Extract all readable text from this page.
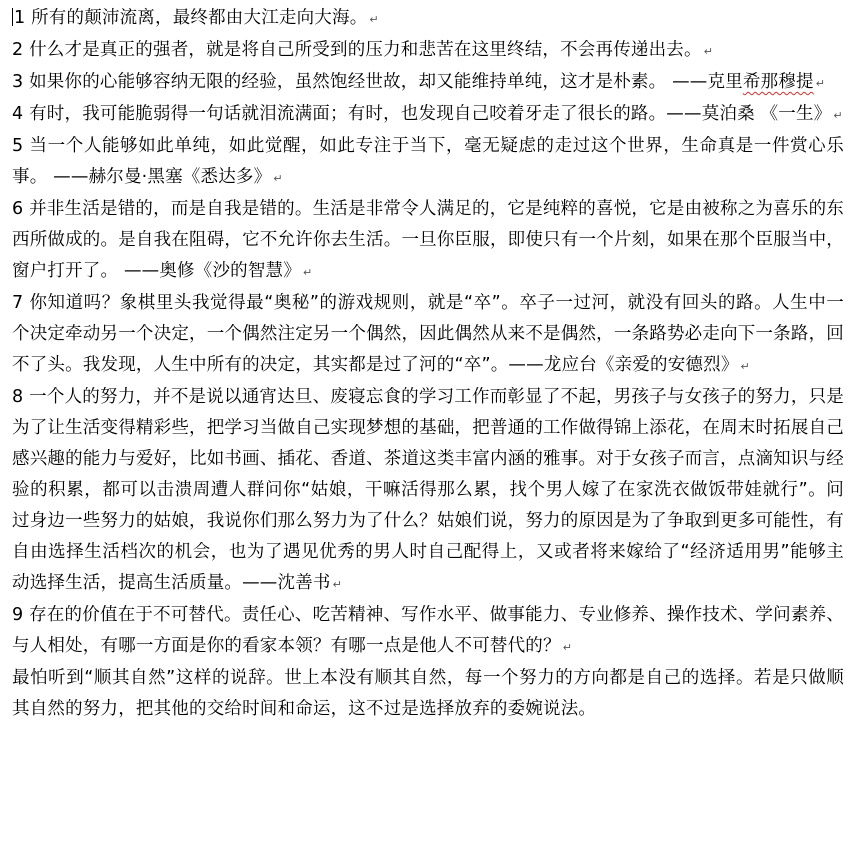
1 所有的颠沛流离，最终都由大江走向大海。 ↵

2 什么才是真正的强者，就是将自己所受到的压力和悲苦在这里终结，不会再传递出去。 ↵

3 如果你的心能够容纳无限的经验，虽然饱经世故，却又能维持单纯，这才是朴素。 ——克里希那穆提 ↵

4 有时，我可能脆弱得一句话就泪流满面；有时，也发现自己咬着牙走了很长的路。——莫泊桑 《一生》 ↵

5 当一个人能够如此单纯，如此觉醒，如此专注于当下，毫无疑虑的走过这个世界，生命真是一件赏心乐事。 ——赫尔曼·黑塞《悉达多》 ↵

6 并非生活是错的，而是自我是错的。生活是非常令人满足的，它是纯粹的喜悦，它是由被称之为喜乐的东西所做成的。是自我在阻碍，它不允许你去生活。一旦你臣服，即使只有一个片刻，如果在那个臣服当中，窗户打开了。 ——奥修《沙的智慧》 ↵

7 你知道吗？象棋里头我觉得最“奥秘”的游戏规则，就是“卒”。卒子一过河，就没有回头的路。人生中一个决定牵动另一个决定，一个偶然注定另一个偶然，因此偶然从来不是偶然，一条路势必走向下一条路，回不了头。我发现，人生中所有的决定，其实都是过了河的“卒”。——龙应台《亲爱的安德烈》 ↵

8 一个人的努力，并不是说以通宵达旦、废寝忘食的学习工作而彰显了不起，男孩子与女孩子的努力，只是为了让生活变得精彩些，把学习当做自己实现梦想的基础，把普通的工作做得锦上添花，在周末时拓展自己感兴趣的能力与爱好，比如书画、插花、香道、茶道这类丰富内涵的雅事。对于女孩子而言，点滴知识与经验的积累，都可以击溃周遭人群问你“姑娘，干嘛活得那么累，找个男人嫁了在家洗衣做饭带娃就行”。问过身边一些努力的姑娘，我说你们那么努力为了什么？姑娘们说，努力的原因是为了争取到更多可能性，有自由选择生活档次的机会，也为了遇见优秀的男人时自己配得上，又或者将来嫁给了“经济适用男”能够主动选择生活，提高生活质量。——沈善书 ↵

9 存在的价值在于不可替代。责任心、吃苦精神、写作水平、做事能力、专业修养、操作技术、学问素养、与人相处，有哪一方面是你的看家本领？有哪一点是他人不可替代的？ ↵

最怕听到“顺其自然”这样的说辞。世上本没有顺其自然，每一个努力的方向都是自己的选择。若是只做顺其自然的努力，把其他的交给时间和命运，这不过是选择放弃的委婉说法。
